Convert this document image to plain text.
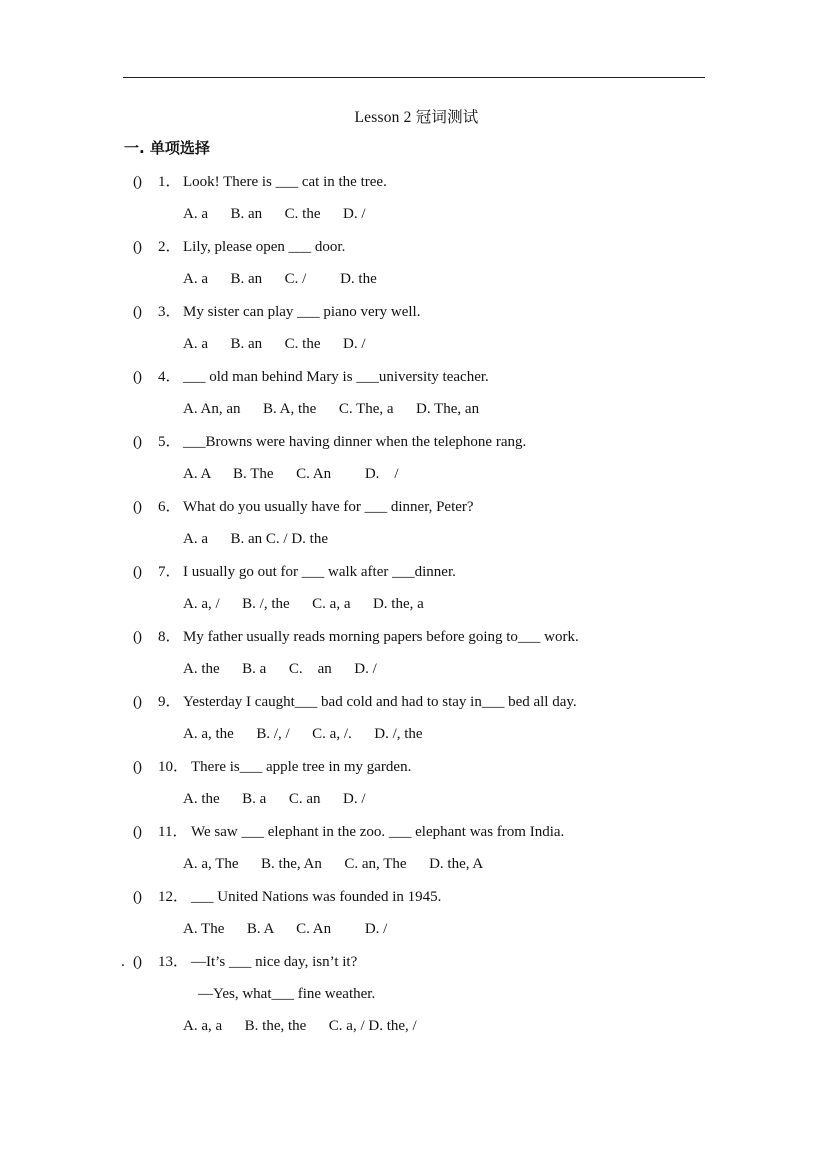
Lesson 2 冠词测试
一. 单项选择
() 1． Look! There is ___ cat in the tree.
A. a      B. an      C. the      D. /
() 2． Lily, please open ___ door.
A. a      B. an      C. /         D. the
() 3． My sister can play ___ piano very well.
A. a      B. an      C. the      D. /
() 4． ___ old man behind Mary is ___university teacher.
A. An, an      B. A, the      C. The, a      D. The, an
() 5． ___Browns were having dinner when the telephone rang.
A. A      B. The      C. An         D.    /
() 6． What do you usually have for ___ dinner, Peter?
A. a      B. an C. / D. the
() 7． I usually go out for ___ walk after ___dinner.
A. a, /      B. /, the      C. a, a      D. the, a
() 8． My father usually reads morning papers before going to___ work.
A. the      B. a      C.    an      D. /
() 9． Yesterday I caught___ bad cold and had to stay in___ bed all day.
A. a, the      B. /, /      C. a, /.      D. /, the
() 10． There is___ apple tree in my garden.
A. the      B. a      C. an      D. /
() 11． We saw ___ elephant in the zoo. ___ elephant was from India.
A. a, The      B. the, An      C. an, The      D. the, A
() 12． ___ United Nations was founded in 1945.
A. The      B. A      C. An         D. /
. () 13． —It’s ___ nice day, isn’t it?
—Yes, what___ fine weather.
A. a, a      B. the, the      C. a, / D. the, /
